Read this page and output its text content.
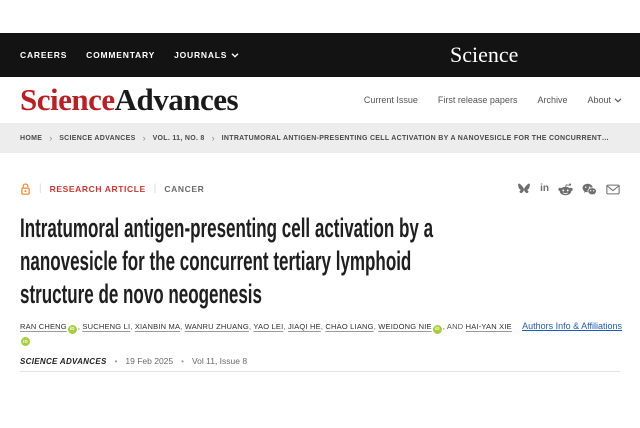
CAREERS COMMENTARY JOURNALS	Science
ScienceAdvances	Current Issue First release papers Archive About
HOME › SCIENCE ADVANCES › VOL. 11, NO. 8 › INTRATUMORAL ANTIGEN-PRESENTING CELL ACTIVATION BY A NANOVESICLE FOR THE CONCURRENT…
| RESEARCH ARTICLE | CANCER	in
Intratumoral antigen-presenting cell activation by a
nanovesicle for the concurrent tertiary lymphoid
structure de novo neogenesis
RAN CHENG iD , SUCHENG LI, XIANBIN MA, WANRU ZHUANG, YAO LEI, JIAQI HE, CHAO LIANG, WEIDONG NIE iD , AND HAI-YAN XIEiD
Authors Info & Affiliations
SCIENCE ADVANCES • 19 Feb 2025 • Vol 11, Issue 8
